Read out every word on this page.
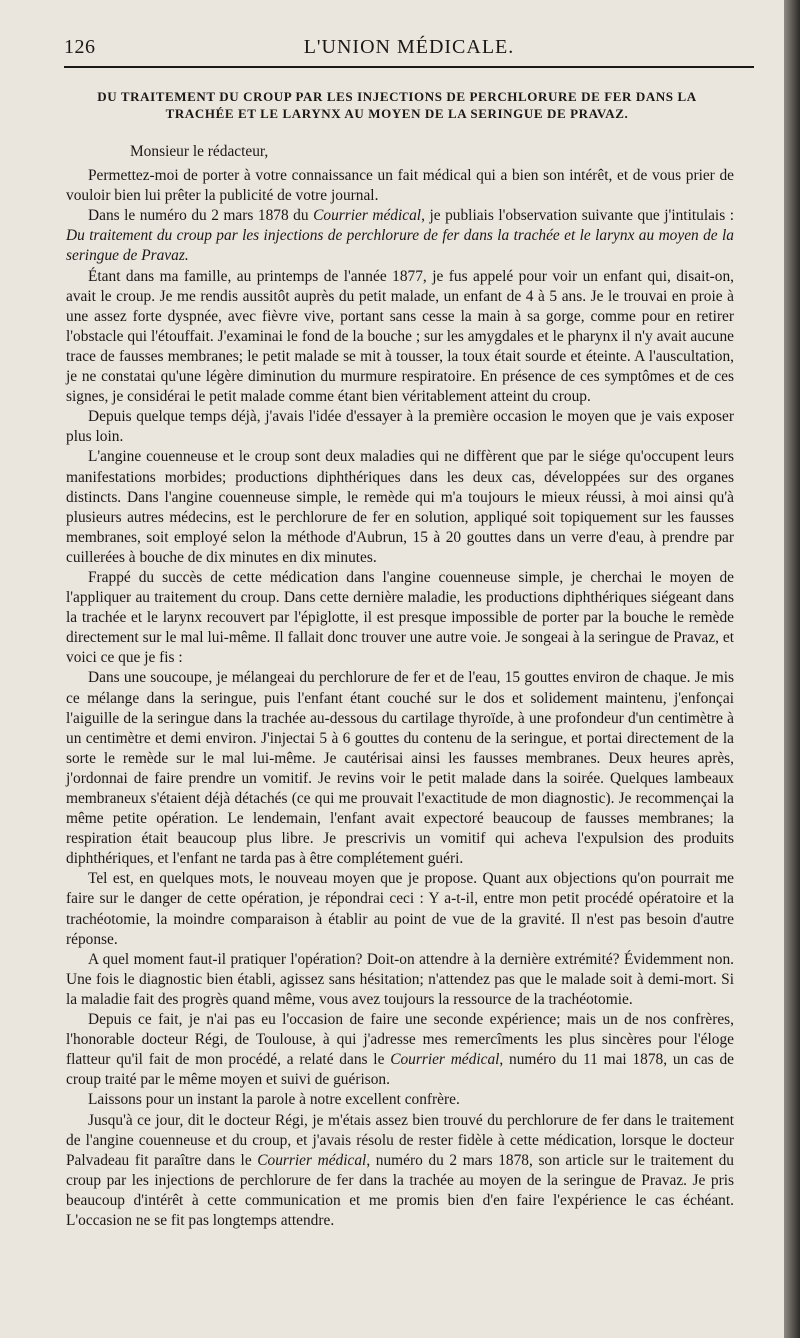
126	L'UNION MÉDICALE.
DU TRAITEMENT DU CROUP PAR LES INJECTIONS DE PERCHLORURE DE FER DANS LA TRACHÉE ET LE LARYNX AU MOYEN DE LA SERINGUE DE PRAVAZ.

Monsieur le rédacteur,

Permettez-moi de porter à votre connaissance un fait médical qui a bien son intérêt, et de vous prier de vouloir bien lui prêter la publicité de votre journal.

Dans le numéro du 2 mars 1878 du Courrier médical, je publiais l'observation suivante que j'intitulais : Du traitement du croup par les injections de perchlorure de fer dans la trachée et le larynx au moyen de la seringue de Pravaz.

Étant dans ma famille, au printemps de l'année 1877, je fus appelé pour voir un enfant qui, disait-on, avait le croup. Je me rendis aussitôt auprès du petit malade, un enfant de 4 à 5 ans. Je le trouvai en proie à une assez forte dyspnée, avec fièvre vive, portant sans cesse la main à sa gorge, comme pour en retirer l'obstacle qui l'étouffait. J'examinai le fond de la bouche ; sur les amygdales et le pharynx il n'y avait aucune trace de fausses membranes; le petit malade se mit à tousser, la toux était sourde et éteinte. A l'auscultation, je ne constatai qu'une légère diminution du murmure respiratoire. En présence de ces symptômes et de ces signes, je considérai le petit malade comme étant bien véritablement atteint du croup.

Depuis quelque temps déjà, j'avais l'idée d'essayer à la première occasion le moyen que je vais exposer plus loin.

L'angine couenneuse et le croup sont deux maladies qui ne diffèrent que par le siége qu'occupent leurs manifestations morbides; productions diphthériques dans les deux cas, développées sur des organes distincts. Dans l'angine couenneuse simple, le remède qui m'a toujours le mieux réussi, à moi ainsi qu'à plusieurs autres médecins, est le perchlorure de fer en solution, appliqué soit topiquement sur les fausses membranes, soit employé selon la méthode d'Aubrun, 15 à 20 gouttes dans un verre d'eau, à prendre par cuillerées à bouche de dix minutes en dix minutes.

Frappé du succès de cette médication dans l'angine couenneuse simple, je cherchai le moyen de l'appliquer au traitement du croup. Dans cette dernière maladie, les productions diphthériques siégeant dans la trachée et le larynx recouvert par l'épiglotte, il est presque impossible de porter par la bouche le remède directement sur le mal lui-même. Il fallait donc trouver une autre voie. Je songeai à la seringue de Pravaz, et voici ce que je fis :

Dans une soucoupe, je mélangeai du perchlorure de fer et de l'eau, 15 gouttes environ de chaque. Je mis ce mélange dans la seringue, puis l'enfant étant couché sur le dos et solidement maintenu, j'enfonçai l'aiguille de la seringue dans la trachée au-dessous du cartilage thyroïde, à une profondeur d'un centimètre à un centimètre et demi environ. J'injectai 5 à 6 gouttes du contenu de la seringue, et portai directement de la sorte le remède sur le mal lui-même. Je cautérisai ainsi les fausses membranes. Deux heures après, j'ordonnai de faire prendre un vomitif. Je revins voir le petit malade dans la soirée. Quelques lambeaux membraneux s'étaient déjà détachés (ce qui me prouvait l'exactitude de mon diagnostic). Je recommençai la même petite opération. Le lendemain, l'enfant avait expectoré beaucoup de fausses membranes; la respiration était beaucoup plus libre. Je prescrivis un vomitif qui acheva l'expulsion des produits diphthériques, et l'enfant ne tarda pas à être complétement guéri.

Tel est, en quelques mots, le nouveau moyen que je propose. Quant aux objections qu'on pourrait me faire sur le danger de cette opération, je répondrai ceci : Y a-t-il, entre mon petit procédé opératoire et la trachéotomie, la moindre comparaison à établir au point de vue de la gravité. Il n'est pas besoin d'autre réponse.

A quel moment faut-il pratiquer l'opération? Doit-on attendre à la dernière extrémité? Évidemment non. Une fois le diagnostic bien établi, agissez sans hésitation; n'attendez pas que le malade soit à demi-mort. Si la maladie fait des progrès quand même, vous avez toujours la ressource de la trachéotomie.

Depuis ce fait, je n'ai pas eu l'occasion de faire une seconde expérience; mais un de nos confrères, l'honorable docteur Régi, de Toulouse, à qui j'adresse mes remercîments les plus sincères pour l'éloge flatteur qu'il fait de mon procédé, a relaté dans le Courrier médical, numéro du 11 mai 1878, un cas de croup traité par le même moyen et suivi de guérison.

Laissons pour un instant la parole à notre excellent confrère.

Jusqu'à ce jour, dit le docteur Régi, je m'étais assez bien trouvé du perchlorure de fer dans le traitement de l'angine couenneuse et du croup, et j'avais résolu de rester fidèle à cette médication, lorsque le docteur Palvadeau fit paraître dans le Courrier médical, numéro du 2 mars 1878, son article sur le traitement du croup par les injections de perchlorure de fer dans la trachée au moyen de la seringue de Pravaz. Je pris beaucoup d'intérêt à cette communication et me promis bien d'en faire l'expérience le cas échéant. L'occasion ne se fit pas longtemps attendre.
